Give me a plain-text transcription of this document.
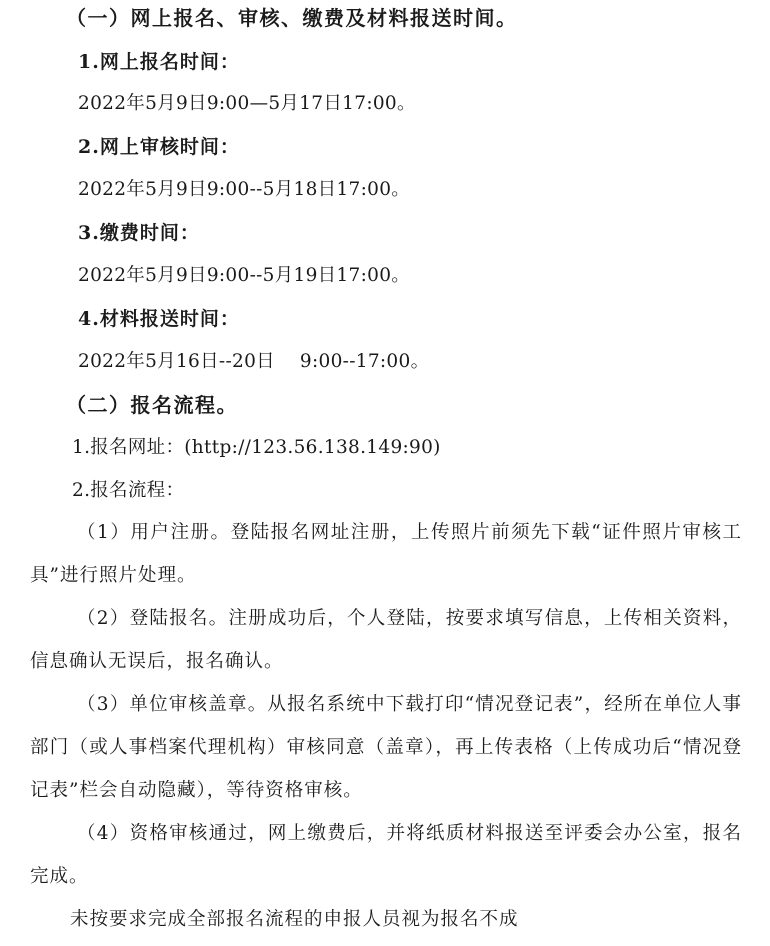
（一）网上报名、审核、缴费及材料报送时间。
1.网上报名时间：
2022年5月9日9:00—5月17日17:00。
2.网上审核时间：
2022年5月9日9:00--5月18日17:00。
3.缴费时间：
2022年5月9日9:00--5月19日17:00。
4.材料报送时间：
2022年5月16日--20日　 9:00--17:00。
（二）报名流程。
1.报名网址：(http://123.56.138.149:90)
2.报名流程：
（1）用户注册。登陆报名网址注册，上传照片前须先下载“证件照片审核工具”进行照片处理。
（2）登陆报名。注册成功后，个人登陆，按要求填写信息，上传相关资料，信息确认无误后，报名确认。
（3）单位审核盖章。从报名系统中下载打印“情况登记表”，经所在单位人事部门（或人事档案代理机构）审核同意（盖章），再上传表格（上传成功后“情况登记表”栏会自动隐藏），等待资格审核。
（4）资格审核通过，网上缴费后，并将纸质材料报送至评委会办公室，报名完成。
未按要求完成全部报名流程的申报人员视为报名不成
